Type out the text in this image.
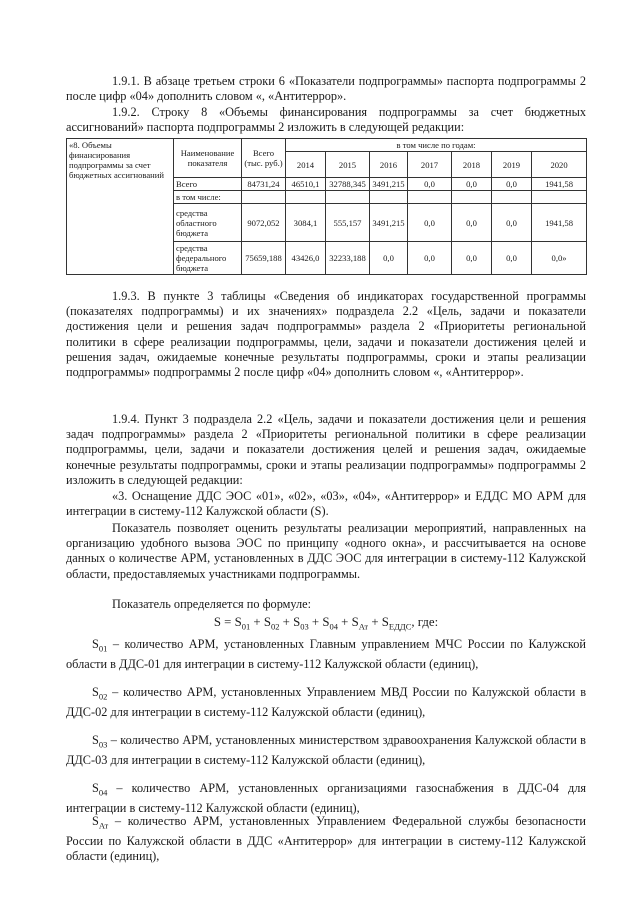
1.9.1. В абзаце третьем строки 6 «Показатели подпрограммы» паспорта подпрограммы 2 после цифр «04» дополнить словом «, «Антитеррор».

1.9.2. Строку 8 «Объемы финансирования подпрограммы за счет бюджетных ассигнований» паспорта подпрограммы 2 изложить в следующей редакции:

«8. Объемы финансирования подпрограммы за счет бюджетных ассигнований	Наименование показателя	Всего (тыс. руб.)	в том числе по годам:						
			2014	2015	2016	2017	2018	2019	2020
	Всего	84731,24	46510,1	32788,345	3491,215	0,0	0,0	0,0	1941,58
	в том числе:								
	средства областного бюджета	9072,052	3084,1	555,157	3491,215	0,0	0,0	0,0	1941,58
	средства федерального бюджета	75659,188	43426,0	32233,188	0,0	0,0	0,0	0,0	0,0»

1.9.3. В пункте 3 таблицы «Сведения об индикаторах государственной программы (показателях подпрограммы) и их значениях» подраздела 2.2 «Цель, задачи и показатели достижения цели и решения задач подпрограммы» раздела 2 «Приоритеты региональной политики в сфере реализации подпрограммы, цели, задачи и показатели достижения целей и решения задач, ожидаемые конечные результаты подпрограммы, сроки и этапы реализации подпрограммы» подпрограммы 2 после цифр «04» дополнить словом «, «Антитеррор».

1.9.4. Пункт 3 подраздела 2.2 «Цель, задачи и показатели достижения цели и решения задач подпрограммы» раздела 2 «Приоритеты региональной политики в сфере реализации подпрограммы, цели, задачи и показатели достижения целей и решения задач, ожидаемые конечные результаты подпрограммы, сроки и этапы реализации подпрограммы» подпрограммы 2 изложить в следующей редакции:

«3. Оснащение ДДС ЭОС «01», «02», «03», «04», «Антитеррор» и ЕДДС МО АРМ для интеграции в систему-112 Калужской области (S).

Показатель позволяет оценить результаты реализации мероприятий, направленных на организацию удобного вызова ЭОС по принципу «одного окна», и рассчитывается на основе данных о количестве АРМ, установленных в ДДС ЭОС для интеграции в систему-112 Калужской области, предоставляемых участниками подпрограммы.

Показатель определяется по формуле:

$S = S_{01} + S_{02} + S_{03} + S_{04} + S_{Ат} + S_{ЕДДС}$, где:
$S_{01}$ – количество АРМ, установленных Главным управлением МЧС России по Калужской области в ДДС-01 для интеграции в систему-112 Калужской области (единиц),
$S_{02}$ – количество АРМ, установленных Управлением МВД России по Калужской области в ДДС-02 для интеграции в систему-112 Калужской области (единиц),
$S_{03}$ – количество АРМ, установленных министерством здравоохранения Калужской области в ДДС-03 для интеграции в систему-112 Калужской области (единиц),
$S_{04}$ – количество АРМ, установленных организациями газоснабжения в ДДС-04 для интеграции в систему-112 Калужской области (единиц),
$S_{Ат}$ – количество АРМ, установленных Управлением Федеральной службы безопасности России по Калужской области в ДДС «Антитеррор» для интеграции в систему-112 Калужской области (единиц),
